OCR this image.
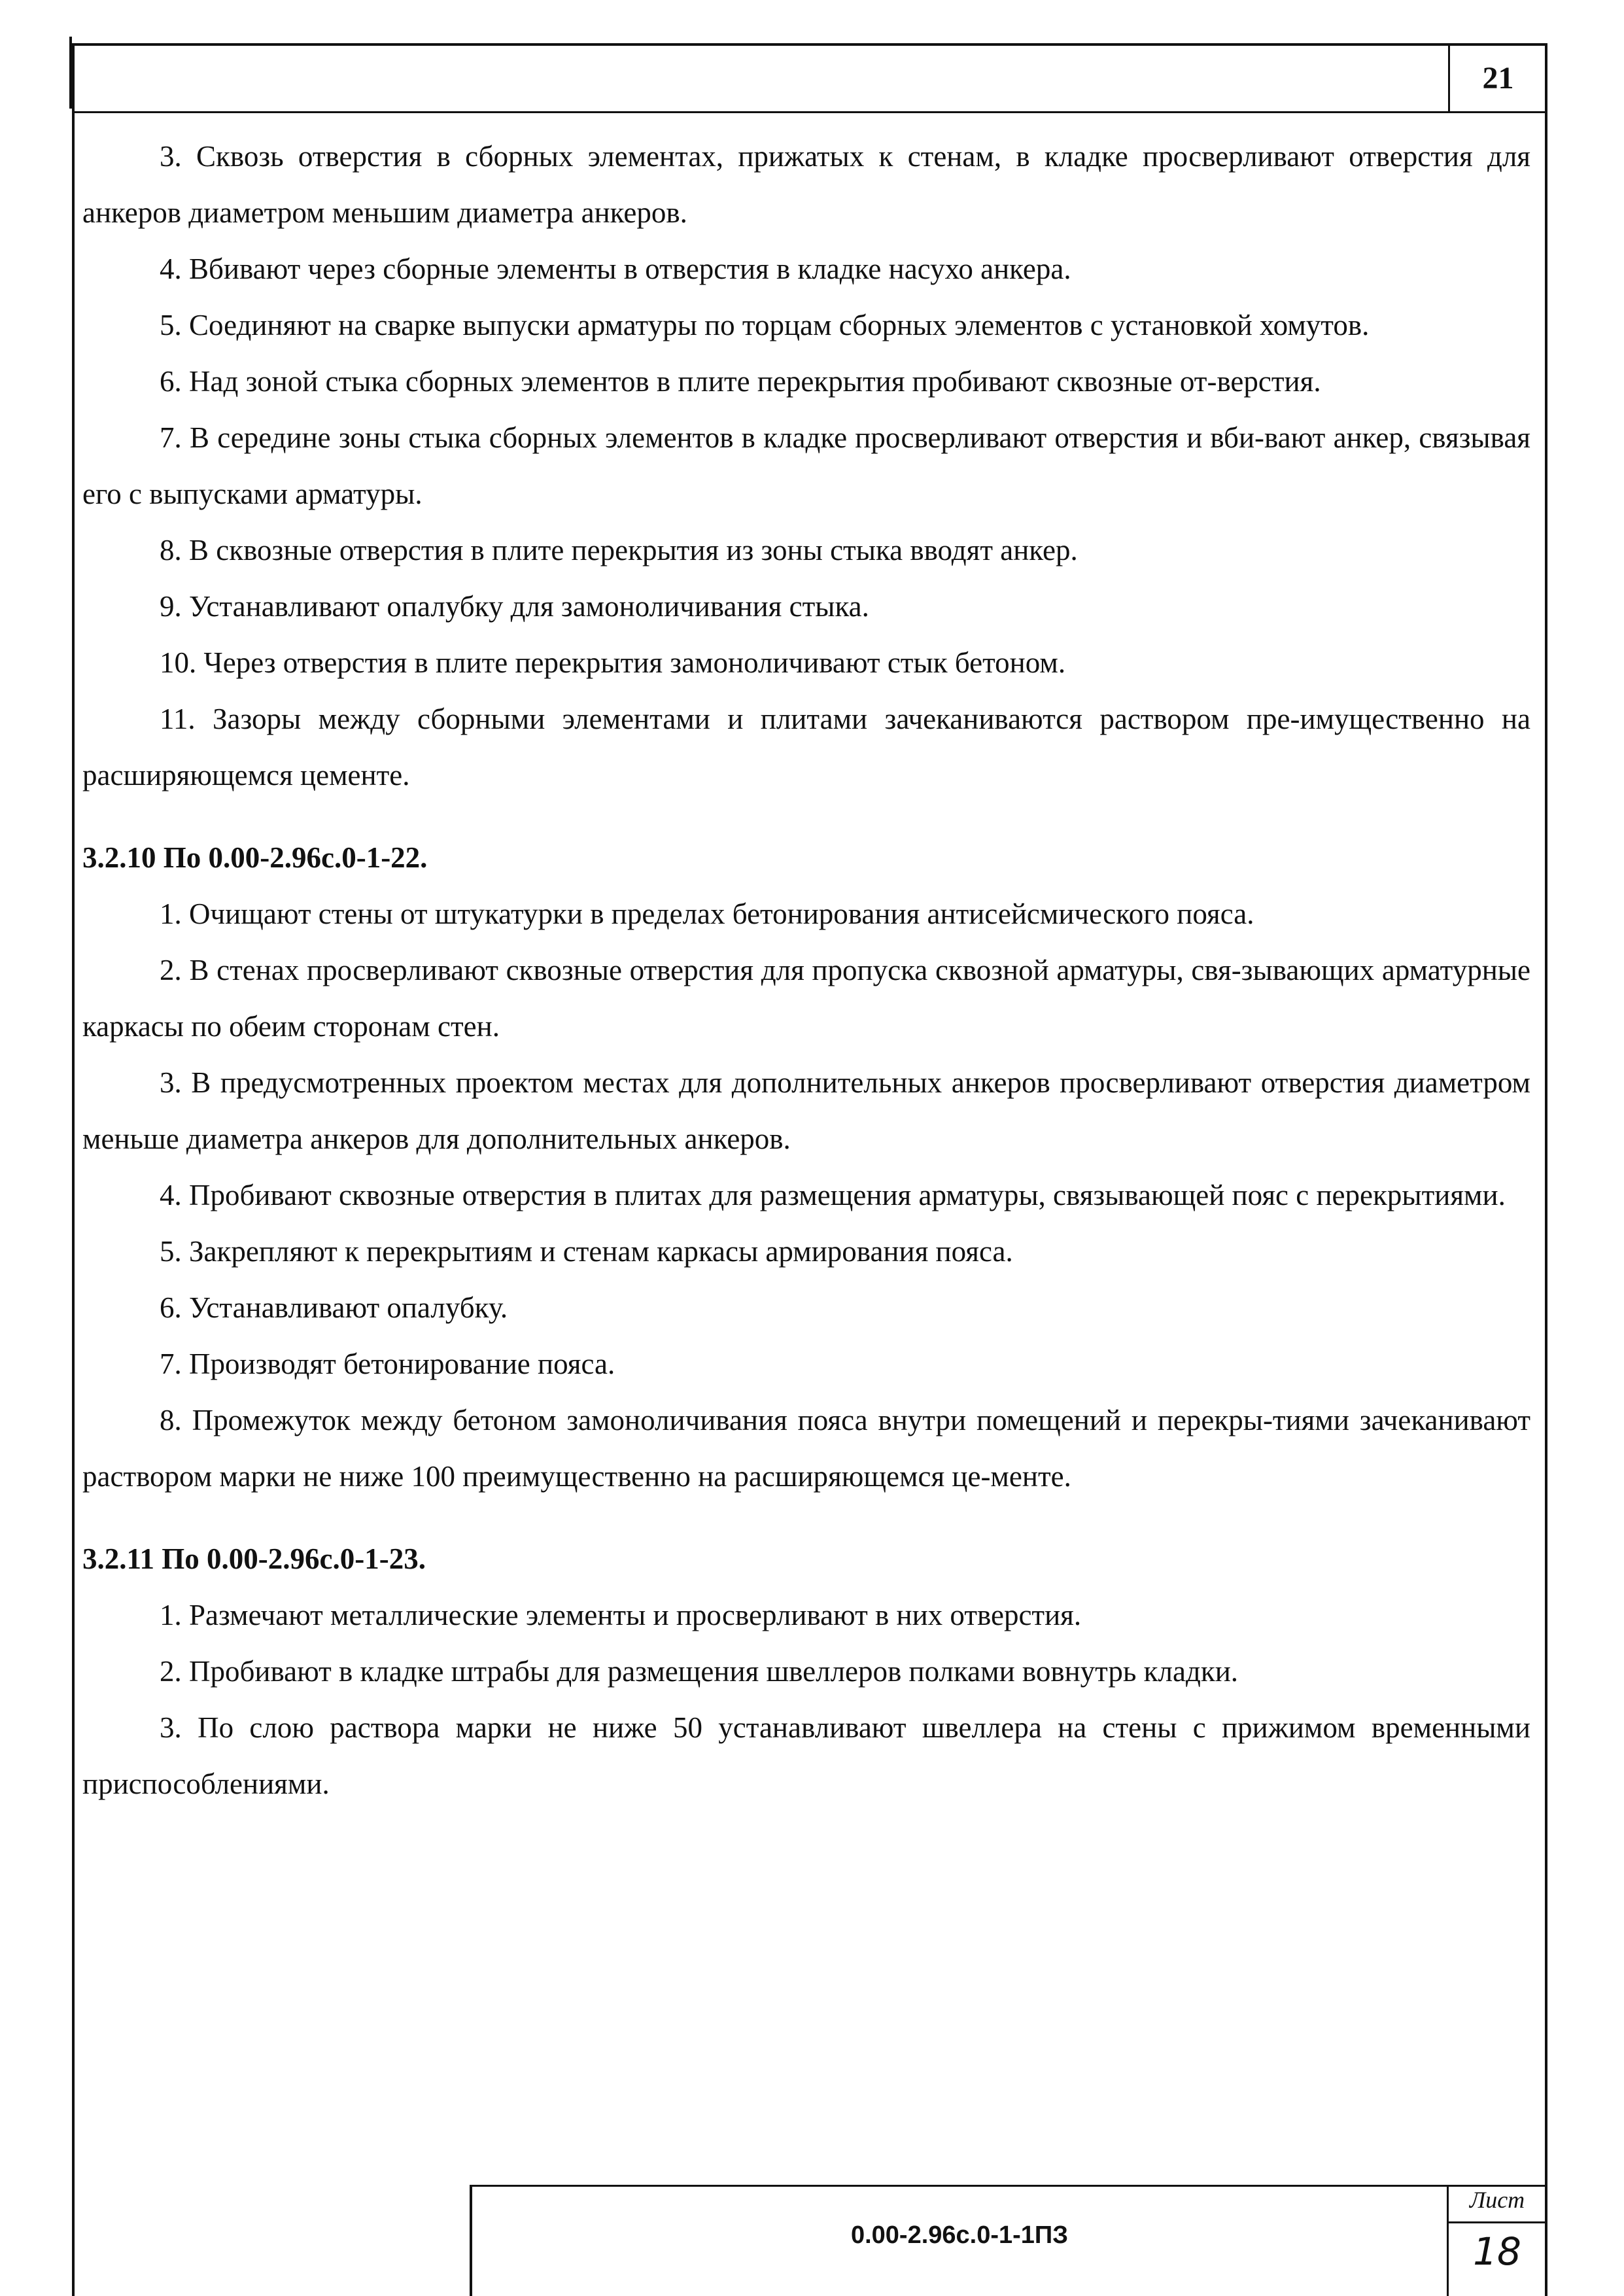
21

3. Сквозь отверстия в сборных элементах, прижатых к стенам, в кладке просверливают отверстия для анкеров диаметром меньшим диаметра анкеров.

4. Вбивают через сборные элементы в отверстия в кладке насухо анкера.

5. Соединяют на сварке выпуски арматуры по торцам сборных элементов с установкой хомутов.

6. Над зоной стыка сборных элементов в плите перекрытия пробивают сквозные от-верстия.

7. В середине зоны стыка сборных элементов в кладке просверливают отверстия и вби-вают анкер, связывая его с выпусками арматуры.

8. В сквозные отверстия в плите перекрытия из зоны стыка вводят анкер.

9. Устанавливают опалубку для замоноличивания стыка.

10. Через отверстия в плите перекрытия замоноличивают стык бетоном.

11. Зазоры между сборными элементами и плитами зачеканиваются раствором пре-имущественно на расширяющемся цементе.

3.2.10 По 0.00-2.96с.0-1-22.

1. Очищают стены от штукатурки в пределах бетонирования антисейсмического пояса.

2. В стенах просверливают сквозные отверстия для пропуска сквозной арматуры, свя-зывающих арматурные каркасы по обеим сторонам стен.

3. В предусмотренных проектом местах для дополнительных анкеров просверливают отверстия диаметром меньше диаметра анкеров для дополнительных анкеров.

4. Пробивают сквозные отверстия в плитах для размещения арматуры, связывающей пояс с перекрытиями.

5. Закрепляют к перекрытиям и стенам каркасы армирования пояса.

6. Устанавливают опалубку.

7. Производят бетонирование пояса.

8. Промежуток между бетоном замоноличивания пояса внутри помещений и перекры-тиями зачеканивают раствором марки не ниже 100 преимущественно на расширяющемся це-менте.

3.2.11 По 0.00-2.96с.0-1-23.

1. Размечают металлические элементы и просверливают в них отверстия.

2. Пробивают в кладке штрабы для размещения швеллеров полками вовнутрь кладки.

3. По слою раствора марки не ниже 50 устанавливают швеллера на стены с прижимом временными приспособлениями.

0.00-2.96с.0-1-1ПЗ
Лист
18
